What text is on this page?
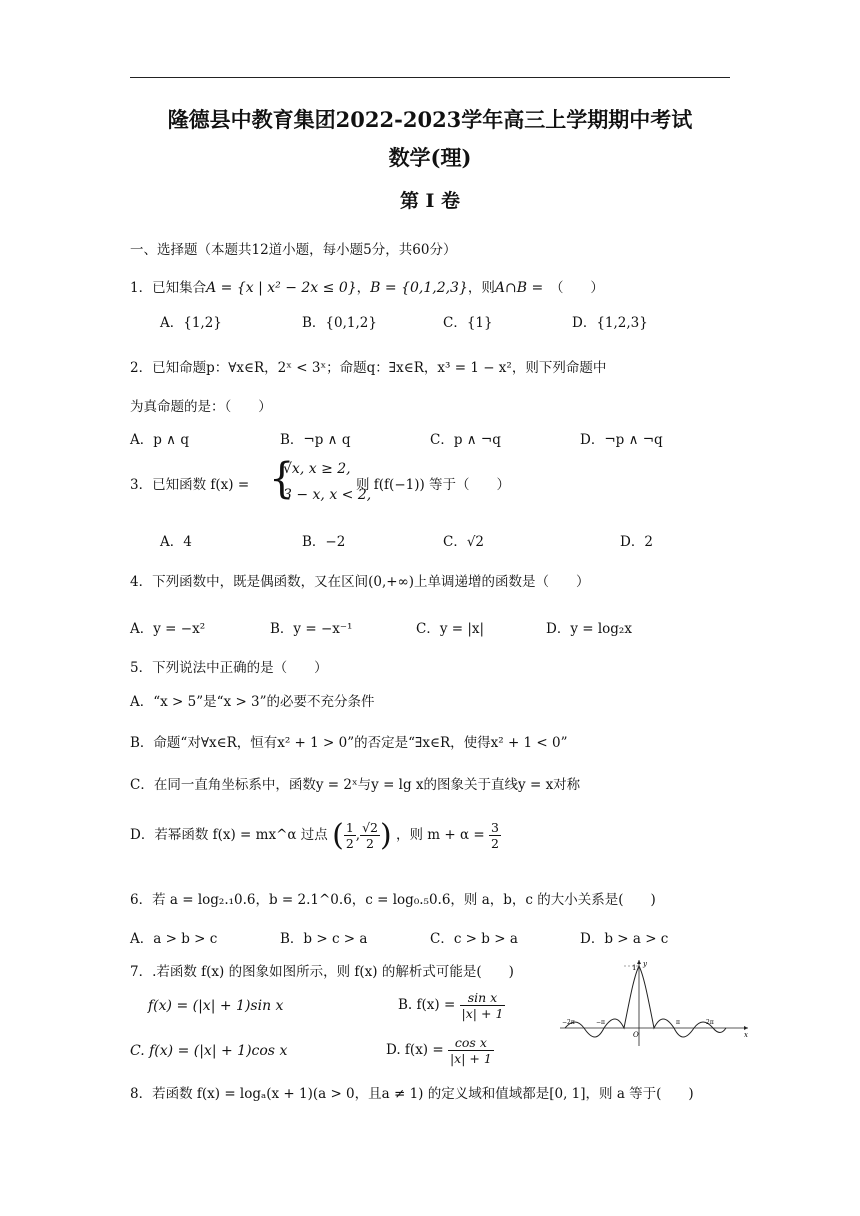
隆德县中教育集团2022-2023学年高三上学期期中考试
数学(理)
第 I 卷
一、选择题（本题共12道小题，每小题5分，共60分）
1．已知集合A = {x | x² − 2x ≤ 0}，B = {0,1,2,3}，则A∩B =　 （　　）
A．{1,2}	B．{0,1,2}	C．{1}	D．{1,2,3}
2．已知命题p：∀x∈R，2ˣ < 3ˣ；命题q：∃x∈R，x³ = 1 − x²，则下列命题中
为真命题的是：（　　）
A．p ∧ q	B．¬p ∧ q	C．p ∧ ¬q	D．¬p ∧ ¬q
3．已知函数 f(x) = {
√x, x ≥ 2,
3 − x, x < 2,
则 f(f(−1)) 等于（　　）
A．4	B．−2	C．√2	D．2
4．下列函数中，既是偶函数，又在区间(0,+∞)上单调递增的函数是（　　）
A．y = −x²	B．y = −x⁻¹	C．y = |x|	D．y = log₂x
5．下列说法中正确的是（　　）
A．“x > 5”是“x > 3”的必要不充分条件
B．命题“对∀x∈R，恒有x² + 1 > 0”的否定是“∃x∈R，使得x² + 1 < 0”
C．在同一直角坐标系中，函数y = 2ˣ与y = lg x的图象关于直线y = x对称
D．若幂函数 f(x) = mx^α 过点 ( $\frac{1}{2}$ , $\frac{√2}{2}$ ) ，则 $m + \alpha = \frac{3}{2}$
6．若 a = log₂.₁0.6，b = 2.1^0.6，c = log₀.₅0.6，则 a，b，c 的大小关系是(　　)
A．a > b > c	B．b > c > a	C．c > b > a	D．b > a > c
7．.若函数 f(x) 的图象如图所示，则 f(x) 的解析式可能是(　　)
f(x) = (|x| + 1)sin x	B. $f(x) = \frac{\text{sin x}}{|x| + 1}$
C. f(x) = (|x| + 1)cos x	D. $f(x) = \frac{\text{cos x}}{|x| + 1}$
1 y
x
O
−2π	−π	π	2π
8．若函数 f(x) = logₐ(x + 1)(a > 0，且a ≠ 1) 的定义域和值域都是[0, 1]，则 a 等于(　　)
